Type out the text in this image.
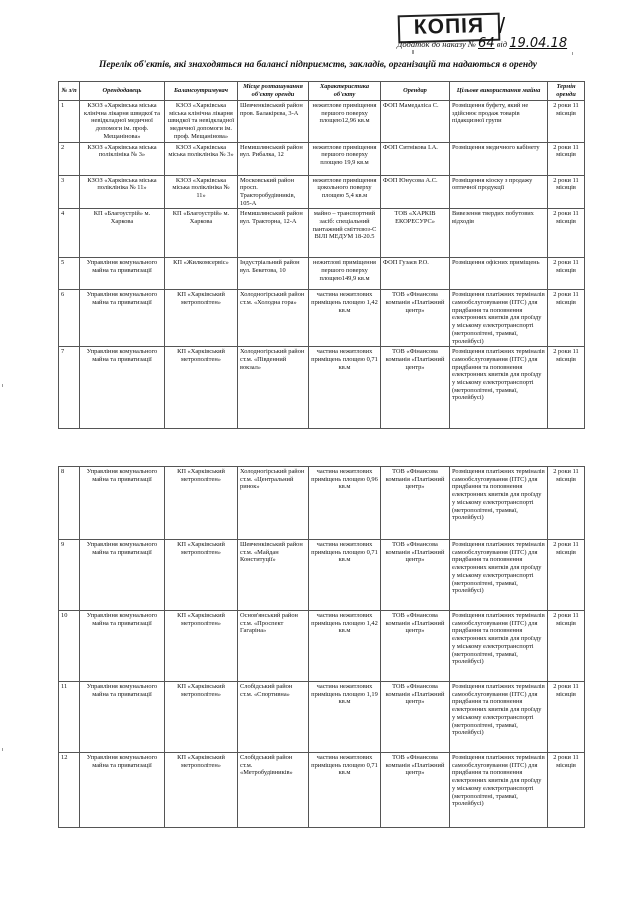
КОПІЯ /
Додаток до наказу № 64 від 19.04.18
Перелік об'єктів, які знаходяться на балансі підприємств, закладів, організацій та надаються в оренду
№ з/п	Орендодавець	Балансоутримувач	Місце розташування об'єкту оренди	Характеристика об'єкту	Орендар	Цільове використання майна	Термін оренди
1	КЗОЗ «Харківська міська клінічна лікарня швидкої та невідкладної медичної допомоги ім. проф. Мещанінова»	КЗОЗ «Харківська міська клінічна лікарня швидкої та невідкладної медичної допомоги ім. проф. Мещанінова»	Шевченківський район пров. Балакірєва, 3-А	нежитлове приміщення першого поверху площею12,96 кв.м	ФОП Мамедаліса С.	Розміщення буфету, який не здійснює продаж товарів підакцизної групи	2 роки 11 місяців
2	КЗОЗ «Харківська міська поліклініка № 3»	КЗОЗ «Харківська міська поліклініка № 3»	Немишлянський район вул. Рибалка, 12	нежитлове приміщення першого поверху площею 19,9 кв.м	ФОП Ситнікова І.А.	Розміщення медичного кабінету	2 роки 11 місяців
3	КЗОЗ «Харківська міська поліклініка № 11»	КЗОЗ «Харківська міська поліклініка № 11»	Московський район просп. Тракторобудівників, 105-А	нежитлове приміщення цокольного поверху площею 5,4 кв.м	ФОП Юнусова А.С.	Розміщення кіоску з продажу оптичної продукції	2 роки 11 місяців
4	КП «Благоустрій» м. Харкова	КП «Благоустрій» м. Харкова	Немишлянський район вул. Тракторна, 12-А	майно – транспортний засіб: спеціальний пантажний сміттєвоз-С ВІЛІ МЕДУМ 18-20.5	ТОВ «ХАРКІВ ЕКОРЕСУРС»	Вивезення твердих побутових відходів	2 роки 11 місяців
5	Управління комунального майна та приватизації	КП «Жилкомсервіс»	Індустріальний район вул. Бекетова, 10	нежитлові приміщення першого поверху площею149,9 кв.м	ФОП Гузаєв Р.О.	Розміщення офісних приміщень	2 роки 11 місяців
6	Управління комунального майна та приватизації	КП «Харківський метрополітен»	Холодногірський район ст.м. «Холодна гора»	частина нежитлових приміщень площею 1,42 кв.м	ТОВ «Фінансова компанія «Платіжний центр»	Розміщення платіжних терміналів самообслуговування (ПТС) для придбання та поповнення електронних квитків для проїзду у міському електротранспорті (метрополітені, трамваї, тролейбусі)	2 роки 11 місяців
7	Управління комунального майна та приватизації	КП «Харківський метрополітен»	Холодногірський район ст.м. «Південний вокзал»	частина нежитлових приміщень площею 0,71 кв.м	ТОВ «Фінансова компанія «Платіжний центр»	Розміщення платіжних терміналів самообслуговування (ПТС) для придбання та поповнення електронних квитків для проїзду у міському електротранспорті (метрополітені, трамваї, тролейбусі)	2 роки 11 місяців
8	Управління комунального майна та приватизації	КП «Харківський метрополітен»	Холодногірський район ст.м. «Центральний ринок»	частина нежитлових приміщень площею 0,96 кв.м	ТОВ «Фінансова компанія «Платіжний центр»	Розміщення платіжних терміналів самообслуговування (ПТС) для придбання та поповнення електронних квитків для проїзду у міському електротранспорті (метрополітені, трамваї, тролейбусі)	2 роки 11 місяців
9	Управління комунального майна та приватизації	КП «Харківський метрополітен»	Шевченківський район ст.м. «Майдан Конституції»	частина нежитлових приміщень площею 0,71 кв.м	ТОВ «Фінансова компанія «Платіжний центр»	Розміщення платіжних терміналів самообслуговування (ПТС) для придбання та поповнення електронних квитків для проїзду у міському електротранспорті (метрополітені, трамваї, тролейбусі)	2 роки 11 місяців
10	Управління комунального майна та приватизації	КП «Харківський метрополітен»	Основ'янський район ст.м. «Проспект Гагаріна»	частина нежитлових приміщень площею 1,42 кв.м	ТОВ «Фінансова компанія «Платіжний центр»	Розміщення платіжних терміналів самообслуговування (ПТС) для придбання та поповнення електронних квитків для проїзду у міському електротранспорті (метрополітені, трамваї, тролейбусі)	2 роки 11 місяців
11	Управління комунального майна та приватизації	КП «Харківський метрополітен»	Слобідський район ст.м. «Спортивна»	частина нежитлових приміщень площею 1,19 кв.м	ТОВ «Фінансова компанія «Платіжний центр»	Розміщення платіжних терміналів самообслуговування (ПТС) для придбання та поповнення електронних квитків для проїзду у міському електротранспорті (метрополітені, трамваї, тролейбусі)	2 роки 11 місяців
12	Управління комунального майна та приватизації	КП «Харківський метрополітен»	Слобідський район ст.м. «Метробудівників»	частина нежитлових приміщень площею 0,71 кв.м	ТОВ «Фінансова компанія «Платіжний центр»	Розміщення платіжних терміналів самообслуговування (ПТС) для придбання та поповнення електронних квитків для проїзду у міському електротранспорті (метрополітені, трамваї, тролейбусі)	2 роки 11 місяців
